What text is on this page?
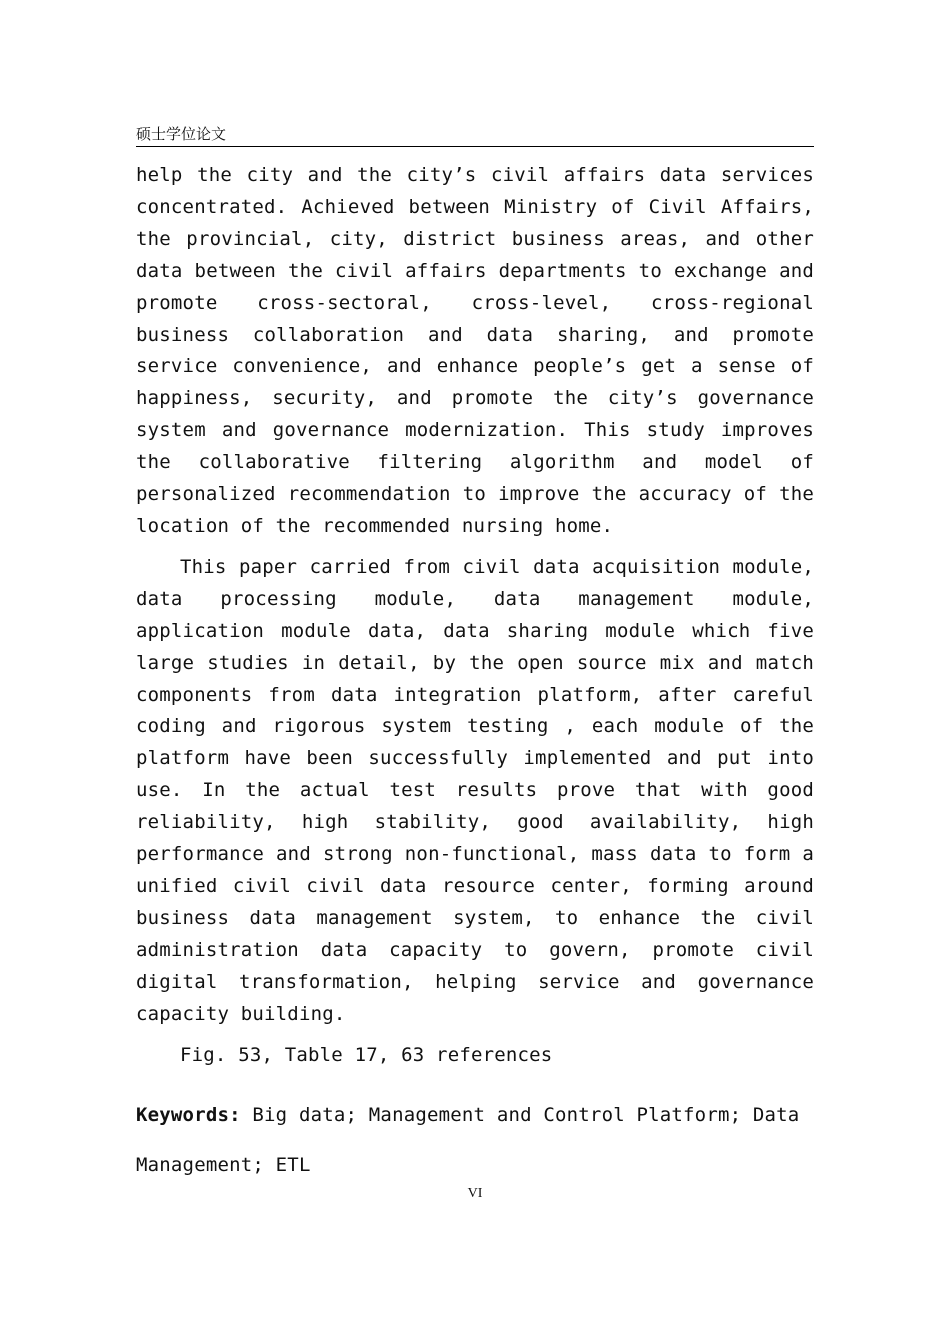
硕士学位论文

help the city and the city’s civil affairs data services concentrated. Achieved between Ministry of Civil Affairs, the provincial, city, district business areas, and other data between the civil affairs departments to exchange and promote cross-sectoral, cross-level, cross-regional business collaboration and data sharing, and promote service convenience, and enhance people’s get a sense of happiness, security, and promote the city’s governance system and governance modernization. This study improves the collaborative filtering algorithm and model of personalized recommendation to improve the accuracy of the location of the recommended nursing home.

This paper carried from civil data acquisition module, data processing module, data management module, application module data, data sharing module which five large studies in detail, by the open source mix and match components from data integration platform, after careful coding and rigorous system testing , each module of the platform have been successfully implemented and put into use. In the actual test results prove that with good reliability, high stability, good availability, high performance and strong non-functional, mass data to form a unified civil civil data resource center, forming around business data management system, to enhance the civil administration data capacity to govern, promote civil digital transformation, helping service and governance capacity building.

Fig. 53, Table 17, 63 references

Keywords: Big data; Management and Control Platform; Data Management; ETL

VI
